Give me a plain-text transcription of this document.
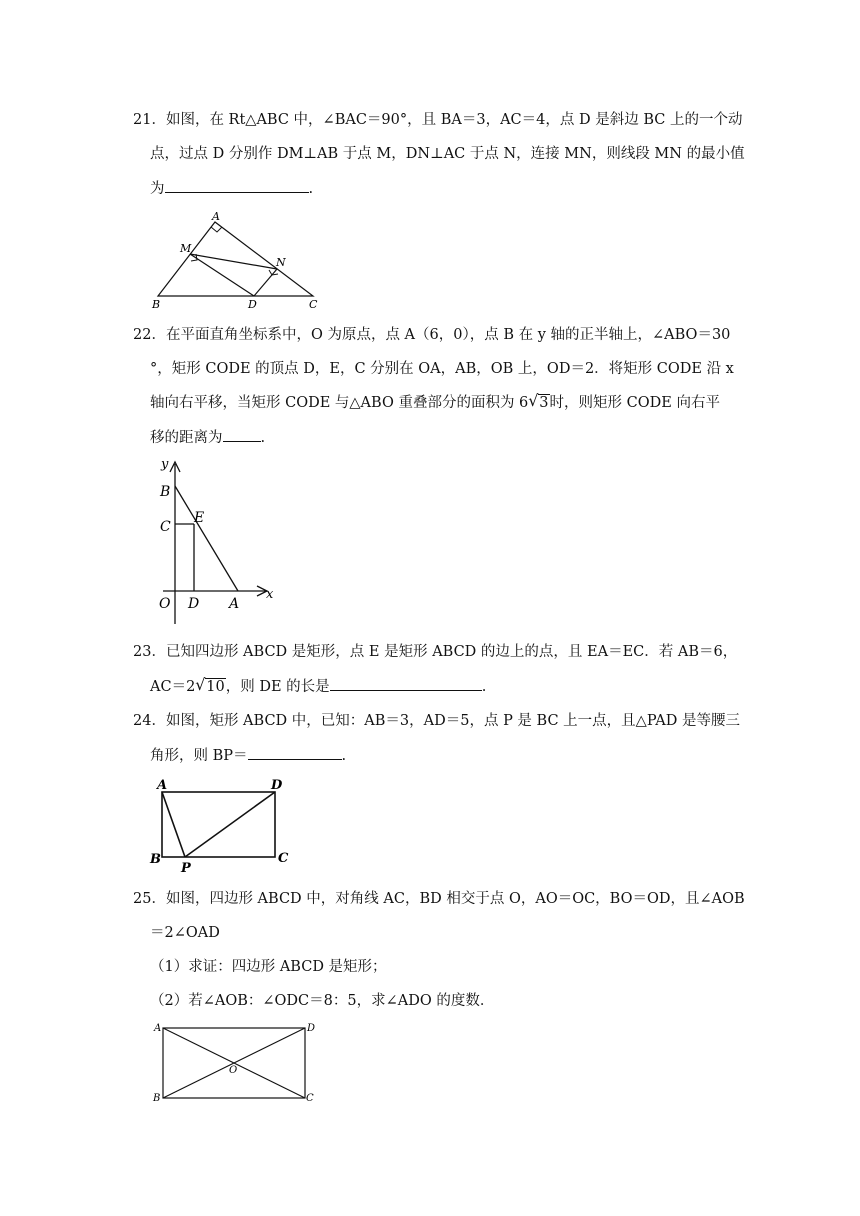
21．如图，在 Rt△ABC 中，∠BAC＝90°，且 BA＝3，AC＝4，点 D 是斜边 BC 上的一个动
点，过点 D 分别作 DM⊥AB 于点 M，DN⊥AC 于点 N，连接 MN，则线段 MN 的最小值
为	.
A
M
N
B	D	C
22．在平面直角坐标系中，O 为原点，点 A（6，0），点 B 在 y 轴的正半轴上，∠ABO＝30
°，矩形 CODE 的顶点 D，E，C 分别在 OA，AB，OB 上，OD＝2．将矩形 CODE 沿 x
轴向右平移，当矩形 CODE 与△ABO 重叠部分的面积为 6 √ 3时，则矩形 CODE 向右平
移的距离为	.
y
B
C
E
O D A
x
23．已知四边形 ABCD 是矩形，点 E 是矩形 ABCD 的边上的点，且 EA＝EC．若 AB＝6，
AC＝2 √ 10，则 DE 的长是	.
24．如图，矩形 ABCD 中，已知：AB＝3，AD＝5，点 P 是 BC 上一点，且△PAD 是等腰三
角形，则 BP＝	.
A	D
B
P
C
25．如图，四边形 ABCD 中，对角线 AC，BD 相交于点 O，AO＝OC，BO＝OD，且∠AOB
＝2∠OAD
（1）求证：四边形 ABCD 是矩形；
（2）若∠AOB：∠ODC＝8：5，求∠ADO 的度数．
A	D
O
B	C
